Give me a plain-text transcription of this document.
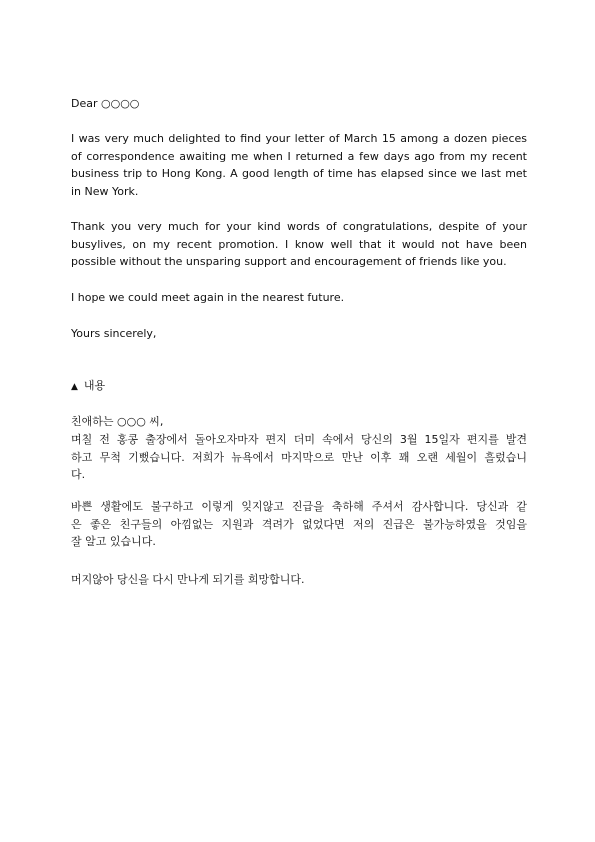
Dear ○○○○
I was very much delighted to find your letter of March 15 among a dozen pieces
of correspondence awaiting me when I returned a few days ago from my recent
business trip to Hong Kong. A good length of time has elapsed since we last met
in New York.
Thank you very much for your kind words of congratulations, despite of your
busylives, on my recent promotion. I know well that it would not have been
possible without the unsparing support and encouragement of friends like you.
I hope we could meet again in the nearest future.
Yours sincerely,
▲ 내용
친애하는 ○○○ 씨,
며칠 전 홍콩 출장에서 돌아오자마자 편지 더미 속에서 당신의 3월 15일자 편지를 발견
하고 무척 기뻤습니다. 저희가 뉴욕에서 마지막으로 만난 이후 꽤 오랜 세월이 흘렀습니
다.
바쁜 생활에도 불구하고 이렇게 잊지않고 진급을 축하해 주셔서 감사합니다. 당신과 같
은 좋은 친구들의 아낌없는 지원과 격려가 없었다면 저의 진급은 불가능하였을 것임을
잘 알고 있습니다.
머지않아 당신을 다시 만나게 되기를 희망합니다.
